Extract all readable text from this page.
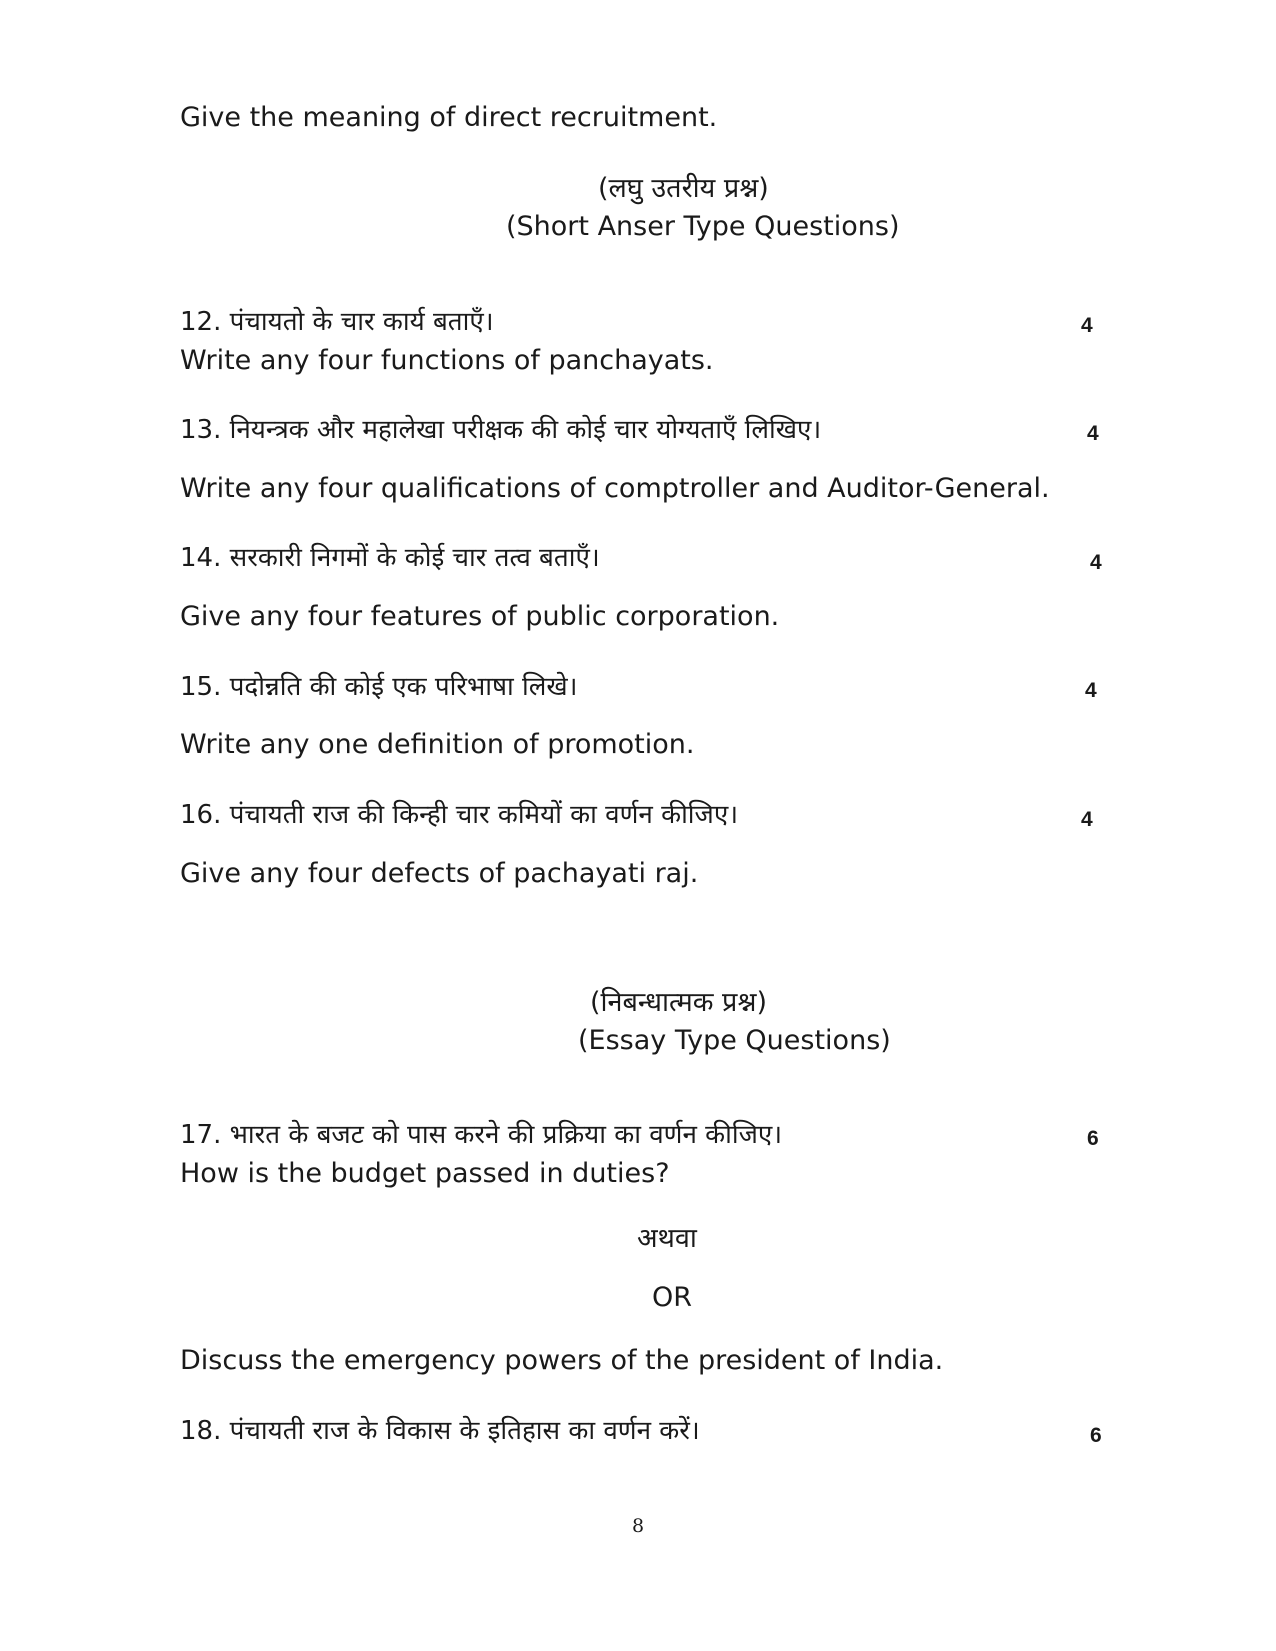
Give the meaning of direct recruitment.
(लघु उतरीय प्रश्न)
(Short Anser Type Questions)
12. पंचायतो के चार कार्य बताएँ।	4
Write any four functions of panchayats.
13. नियन्त्रक और महालेखा परीक्षक की कोई चार योग्यताएँ लिखिए।	4
Write any four qualifications of comptroller and Auditor-General.
14. सरकारी निगमों के कोई चार तत्व बताएँ।	4
Give any four features of public corporation.
15. पदोन्नति की कोई एक परिभाषा लिखे।	4
Write any one definition of promotion.
16. पंचायती राज की किन्ही चार कमियों का वर्णन कीजिए।	4
Give any four defects of pachayati raj.
(निबन्धात्मक प्रश्न)
(Essay Type Questions)
17. भारत के बजट को पास करने की प्रक्रिया का वर्णन कीजिए।	6
How is the budget passed in duties?
अथवा
OR
Discuss the emergency powers of the president of India.
18. पंचायती राज के विकास के इतिहास का वर्णन करें।	6
8
